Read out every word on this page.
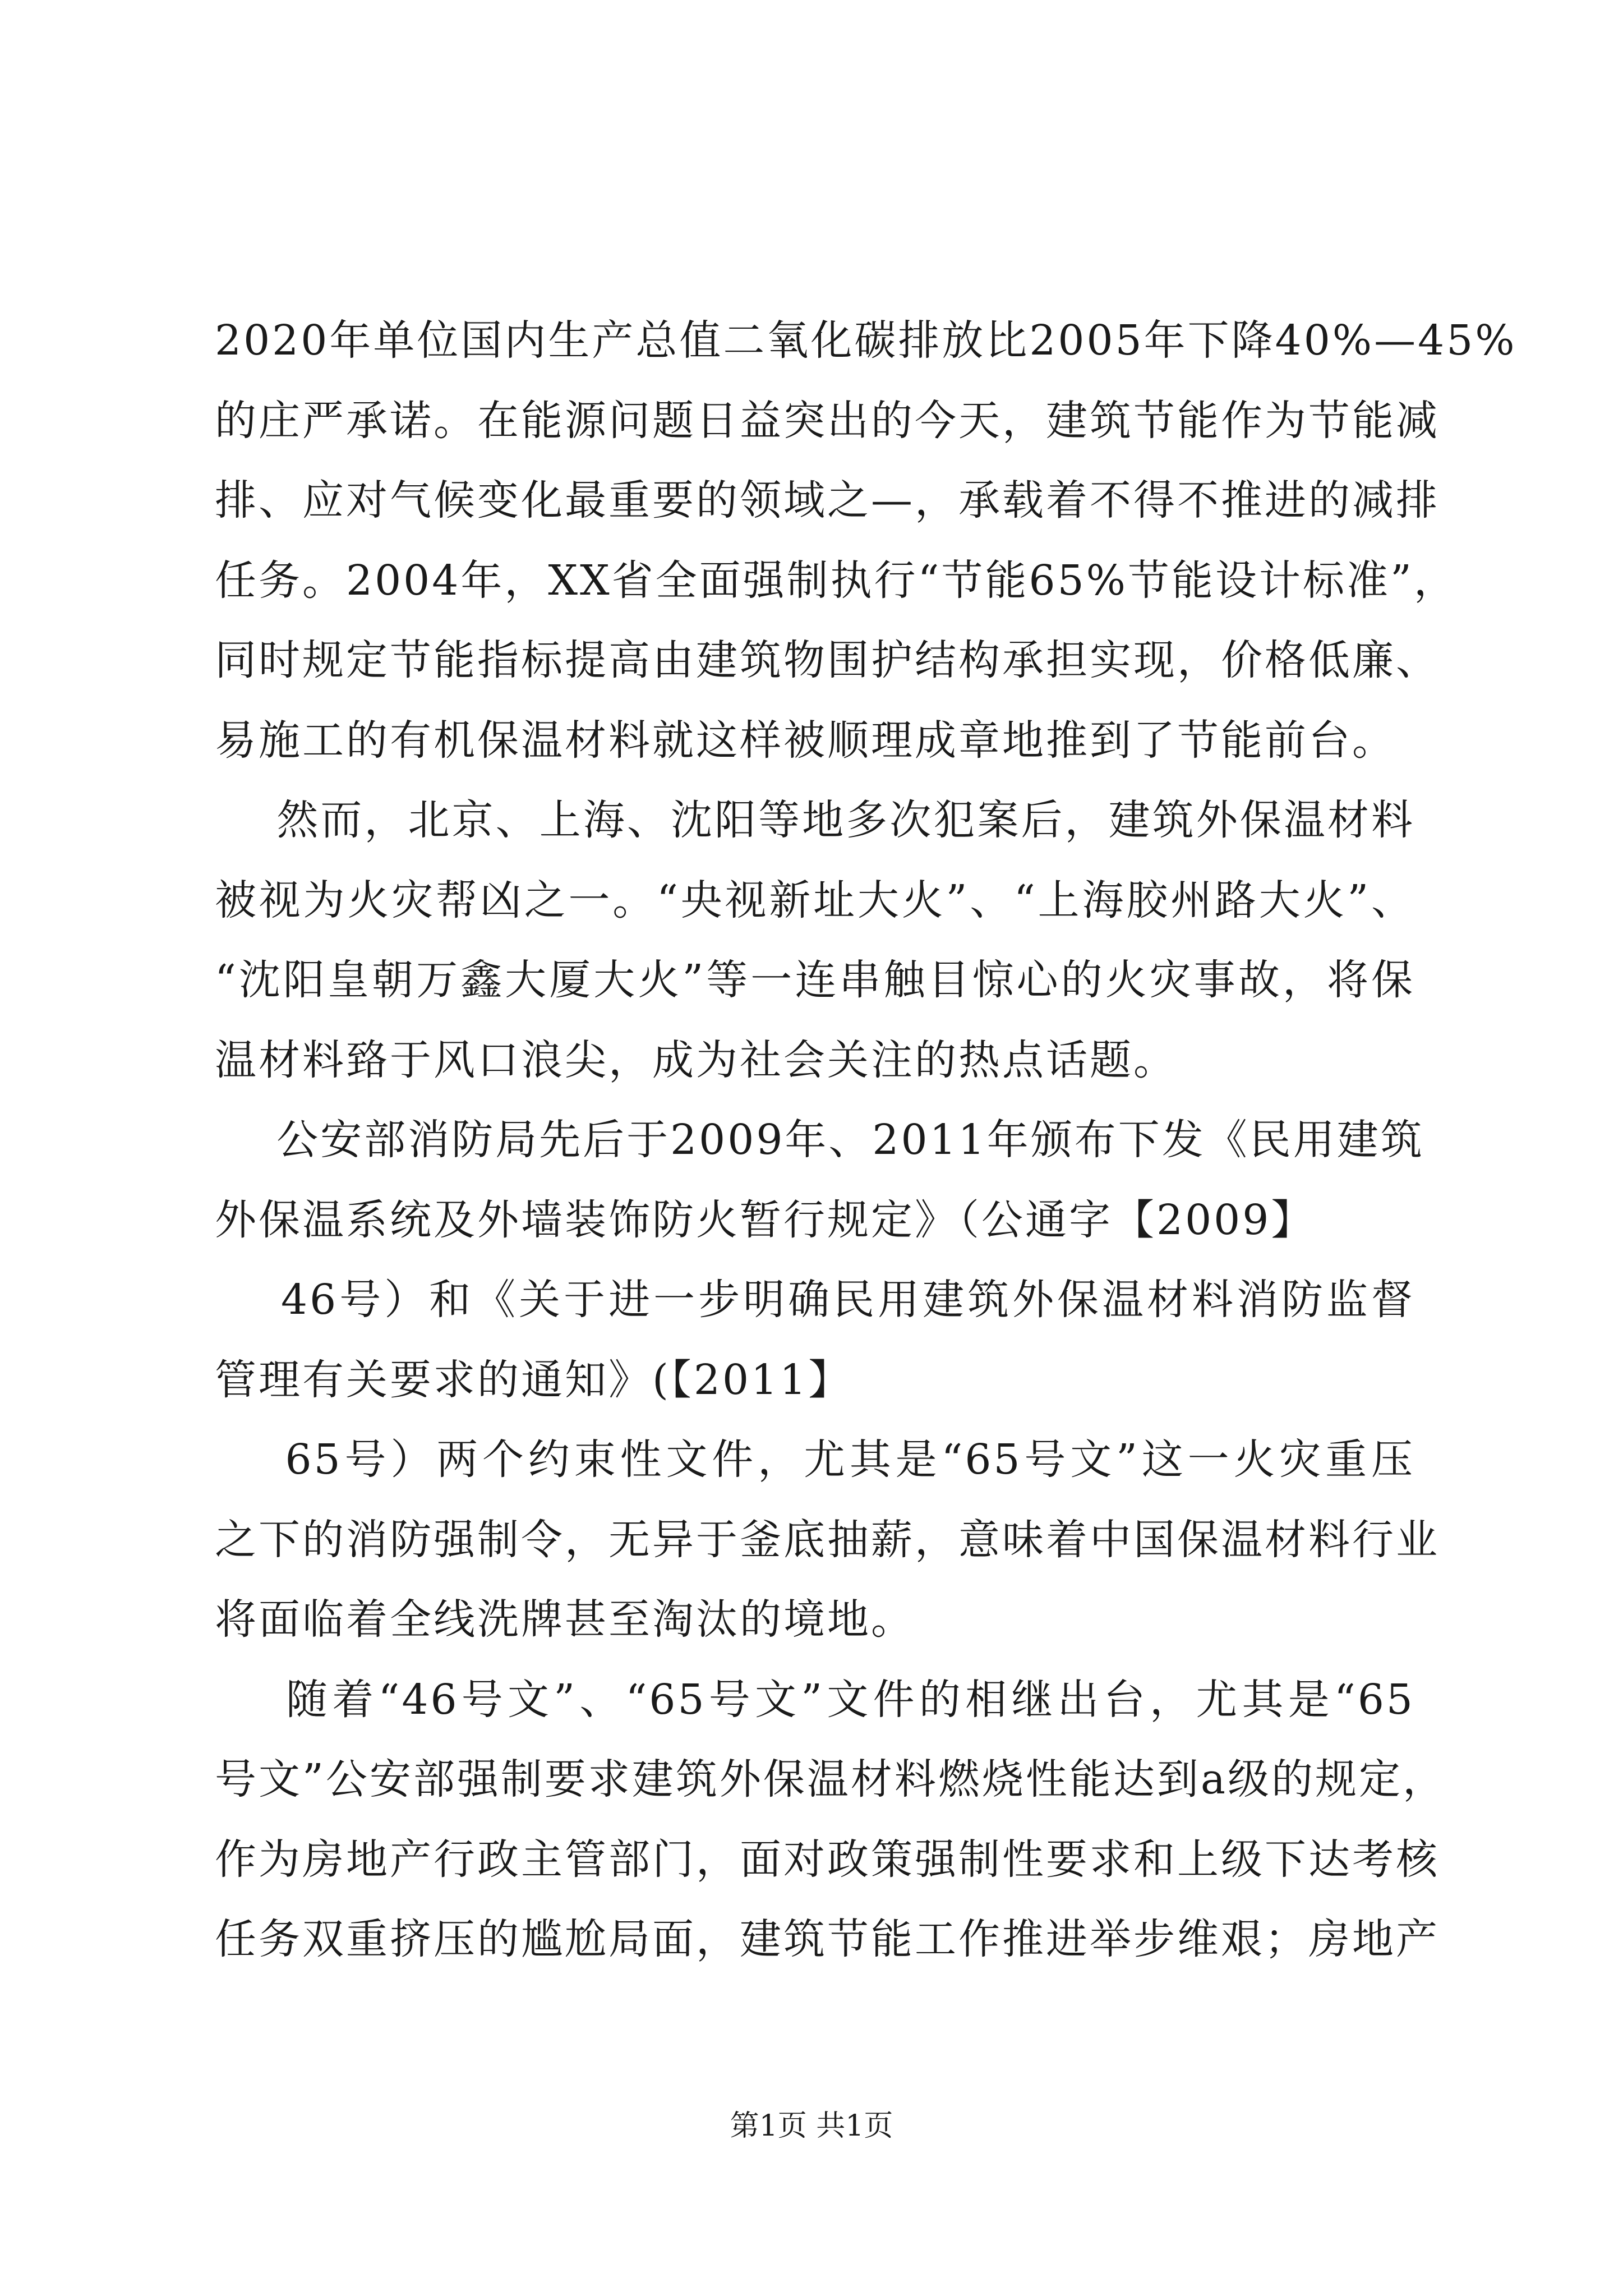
2020年单位国内生产总值二氧化碳排放比2005年下降40%—45%
的庄严承诺。在能源问题日益突出的今天，建筑节能作为节能减
排、应对气候变化最重要的领域之—，承载着不得不推进的减排
任务。2004年，XX省全面强制执行“节能65%节能设计标准”，
同时规定节能指标提高由建筑物围护结构承担实现，价格低廉、
易施工的有机保温材料就这样被顺理成章地推到了节能前台。
然而，北京、上海、沈阳等地多次犯案后，建筑外保温材料
被视为火灾帮凶之一。“央视新址大火”、“上海胶州路大火”、
“沈阳皇朝万鑫大厦大火”等一连串触目惊心的火灾事故，将保
温材料臵于风口浪尖，成为社会关注的热点话题。
公安部消防局先后于2009年、2011年颁布下发《民用建筑
外保温系统及外墙装饰防火暂行规定》（公通字【2009】
46号）和《关于进一步明确民用建筑外保温材料消防监督
管理有关要求的通知》(【2011】
65号）两个约束性文件，尤其是“65号文”这一火灾重压
之下的消防强制令，无异于釜底抽薪，意味着中国保温材料行业
将面临着全线洗牌甚至淘汰的境地。
随着“46号文”、“65号文”文件的相继出台，尤其是“65
号文”公安部强制要求建筑外保温材料燃烧性能达到a级的规定，
作为房地产行政主管部门，面对政策强制性要求和上级下达考核
任务双重挤压的尴尬局面，建筑节能工作推进举步维艰；房地产
第1页 共1页
